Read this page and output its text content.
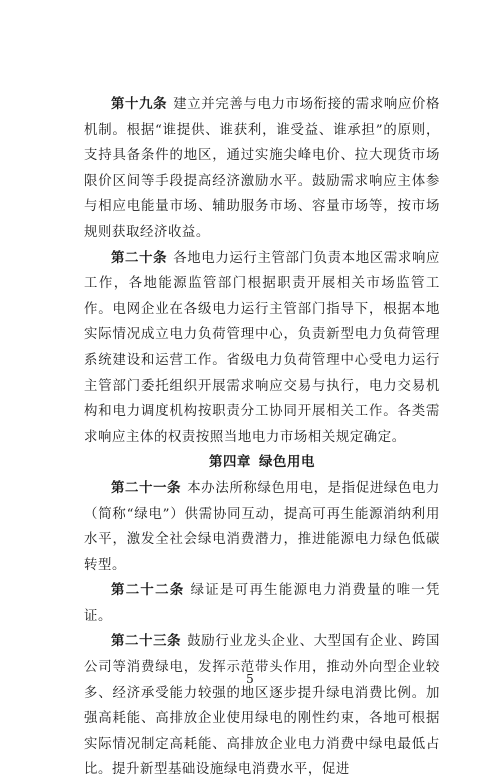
第十九条 建立并完善与电力市场衔接的需求响应价格机制。根据“谁提供、谁获利，谁受益、谁承担”的原则，支持具备条件的地区，通过实施尖峰电价、拉大现货市场限价区间等手段提高经济激励水平。鼓励需求响应主体参与相应电能量市场、辅助服务市场、容量市场等，按市场规则获取经济收益。

第二十条 各地电力运行主管部门负责本地区需求响应工作，各地能源监管部门根据职责开展相关市场监管工作。电网企业在各级电力运行主管部门指导下，根据本地实际情况成立电力负荷管理中心，负责新型电力负荷管理系统建设和运营工作。省级电力负荷管理中心受电力运行主管部门委托组织开展需求响应交易与执行，电力交易机构和电力调度机构按职责分工协同开展相关工作。各类需求响应主体的权责按照当地电力市场相关规定确定。

第四章 绿色用电

第二十一条 本办法所称绿色用电，是指促进绿色电力（简称“绿电”）供需协同互动，提高可再生能源消纳利用水平，激发全社会绿电消费潜力，推进能源电力绿色低碳转型。

第二十二条 绿证是可再生能源电力消费量的唯一凭证。

第二十三条 鼓励行业龙头企业、大型国有企业、跨国公司等消费绿电，发挥示范带头作用，推动外向型企业较多、经济承受能力较强的地区逐步提升绿电消费比例。加强高耗能、高排放企业使用绿电的刚性约束，各地可根据实际情况制定高耗能、高排放企业电力消费中绿电最低占比。提升新型基础设施绿电消费水平，促进

5
